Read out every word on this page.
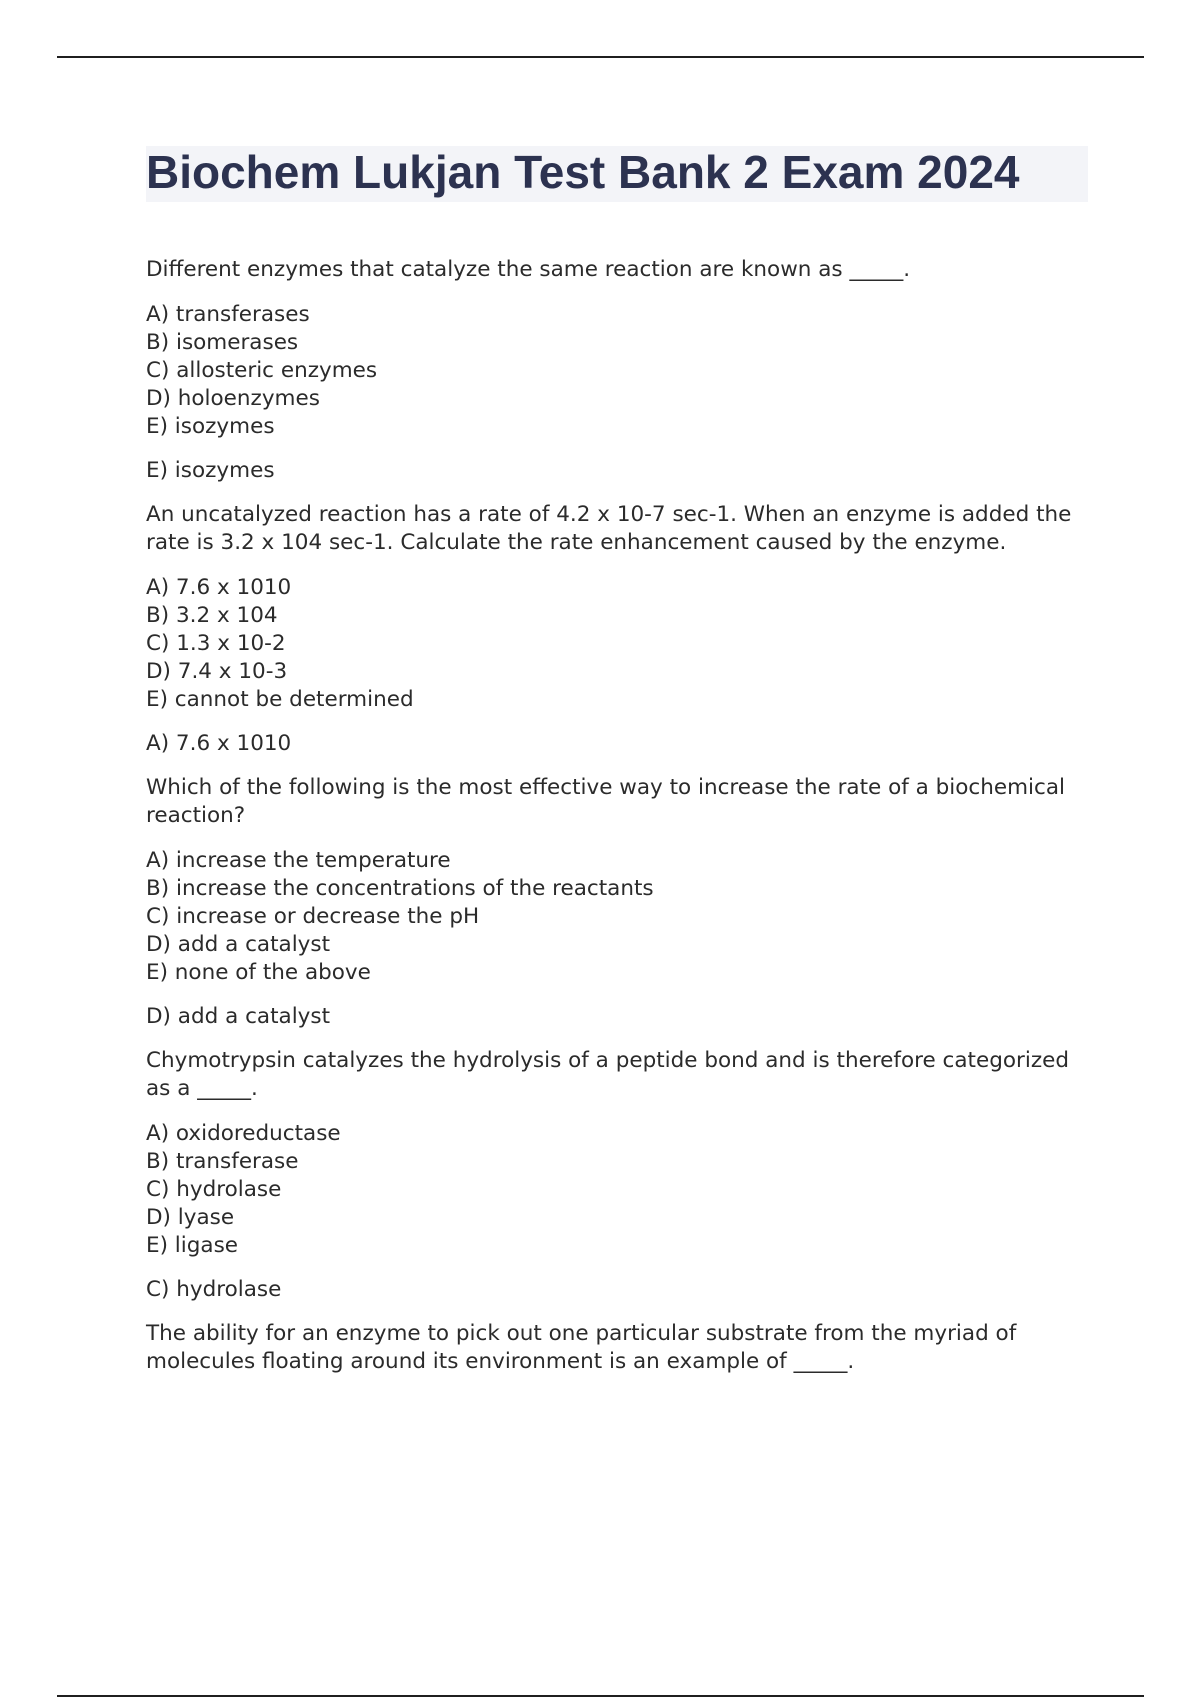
Biochem Lukjan Test Bank 2 Exam 2024

Different enzymes that catalyze the same reaction are known as _____.

A) transferases
B) isomerases
C) allosteric enzymes
D) holoenzymes
E) isozymes

E) isozymes

An uncatalyzed reaction has a rate of 4.2 x 10-7 sec-1. When an enzyme is added the rate is 3.2 x 104 sec-1. Calculate the rate enhancement caused by the enzyme.

A) 7.6 x 1010
B) 3.2 x 104
C) 1.3 x 10-2
D) 7.4 x 10-3
E) cannot be determined

A) 7.6 x 1010

Which of the following is the most effective way to increase the rate of a biochemical reaction?

A) increase the temperature
B) increase the concentrations of the reactants
C) increase or decrease the pH
D) add a catalyst
E) none of the above

D) add a catalyst

Chymotrypsin catalyzes the hydrolysis of a peptide bond and is therefore categorized as a _____.

A) oxidoreductase
B) transferase
C) hydrolase
D) lyase
E) ligase

C) hydrolase

The ability for an enzyme to pick out one particular substrate from the myriad of molecules floating around its environment is an example of _____.
